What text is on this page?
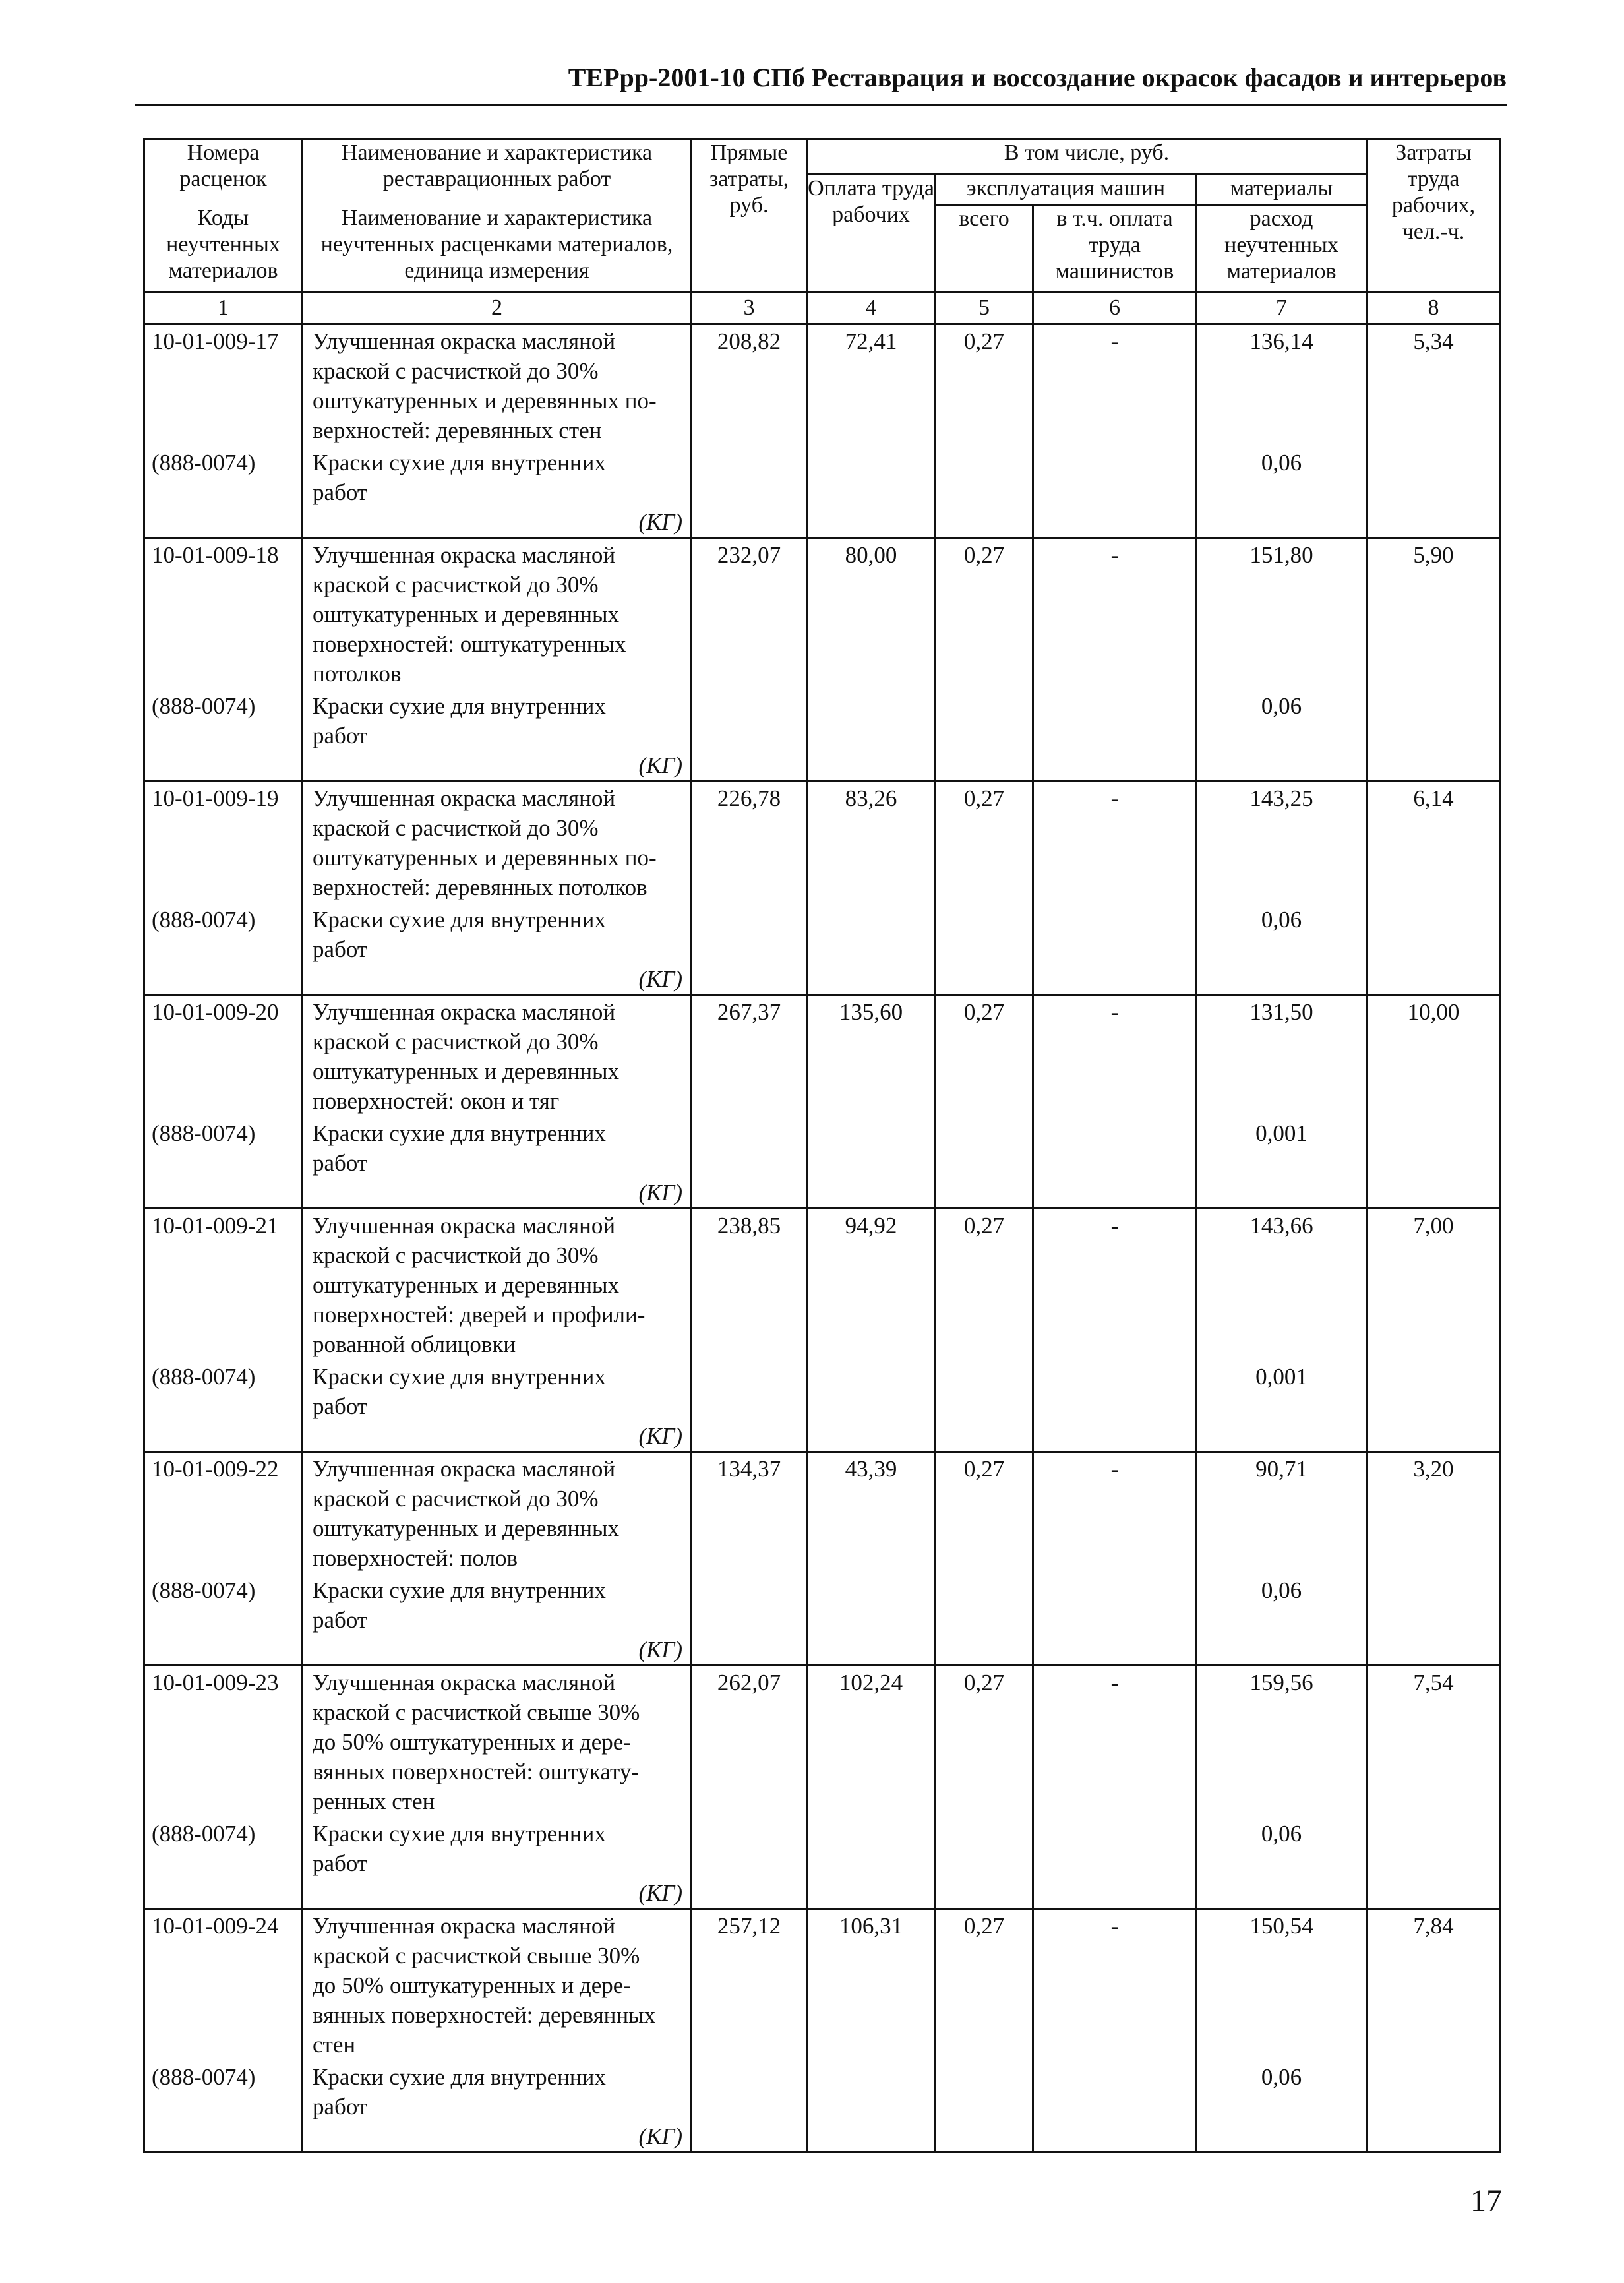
ТЕРрр-2001-10 СПб Реставрация и воссоздание окрасок фасадов и интерьеров
Номера расценок	Наименование и характеристика реставрационных работ	Прямые затраты, руб.	В том числе, руб.				Затраты труда рабочих, чел.-ч.
			Оплата труда рабочих	эксплуатация машин		материалы	
Коды неучтенных материалов	Наименование и характеристика неучтенных расценками материалов, единица измерения			всего	в т.ч. оплата труда машинистов	расход неучтенных материалов	

1	2	3	4	5	6	7	8
10-01-009-17	Улучшенная окраска масляной
краской с расчисткой до 30%
оштукатуренных и деревянных по-
верхностей: деревянных стен	208,82	72,41	0,27	-	136,14	5,34
(888-0074)	Краски сухие для внутренних
работ					0,06	
	(КГ)						
10-01-009-18	Улучшенная окраска масляной
краской с расчисткой до 30%
оштукатуренных и деревянных
поверхностей: оштукатуренных
потолков	232,07	80,00	0,27	-	151,80	5,90
(888-0074)	Краски сухие для внутренних
работ					0,06	
	(КГ)						
10-01-009-19	Улучшенная окраска масляной
краской с расчисткой до 30%
оштукатуренных и деревянных по-
верхностей: деревянных потолков	226,78	83,26	0,27	-	143,25	6,14
(888-0074)	Краски сухие для внутренних
работ					0,06	
	(КГ)						
10-01-009-20	Улучшенная окраска масляной
краской с расчисткой до 30%
оштукатуренных и деревянных
поверхностей: окон и тяг	267,37	135,60	0,27	-	131,50	10,00
(888-0074)	Краски сухие для внутренних
работ					0,001	
	(КГ)						
10-01-009-21	Улучшенная окраска масляной
краской с расчисткой до 30%
оштукатуренных и деревянных
поверхностей: дверей и профили-
рованной облицовки	238,85	94,92	0,27	-	143,66	7,00
(888-0074)	Краски сухие для внутренних
работ					0,001	
	(КГ)						
10-01-009-22	Улучшенная окраска масляной
краской с расчисткой до 30%
оштукатуренных и деревянных
поверхностей: полов	134,37	43,39	0,27	-	90,71	3,20
(888-0074)	Краски сухие для внутренних
работ					0,06	
	(КГ)						
10-01-009-23	Улучшенная окраска масляной
краской с расчисткой свыше 30%
до 50% оштукатуренных и дере-
вянных поверхностей: оштукату-
ренных стен	262,07	102,24	0,27	-	159,56	7,54
(888-0074)	Краски сухие для внутренних
работ					0,06	
	(КГ)						
10-01-009-24	Улучшенная окраска масляной
краской с расчисткой свыше 30%
до 50% оштукатуренных и дере-
вянных поверхностей: деревянных
стен	257,12	106,31	0,27	-	150,54	7,84
(888-0074)	Краски сухие для внутренних
работ					0,06	
	(КГ)						
17
